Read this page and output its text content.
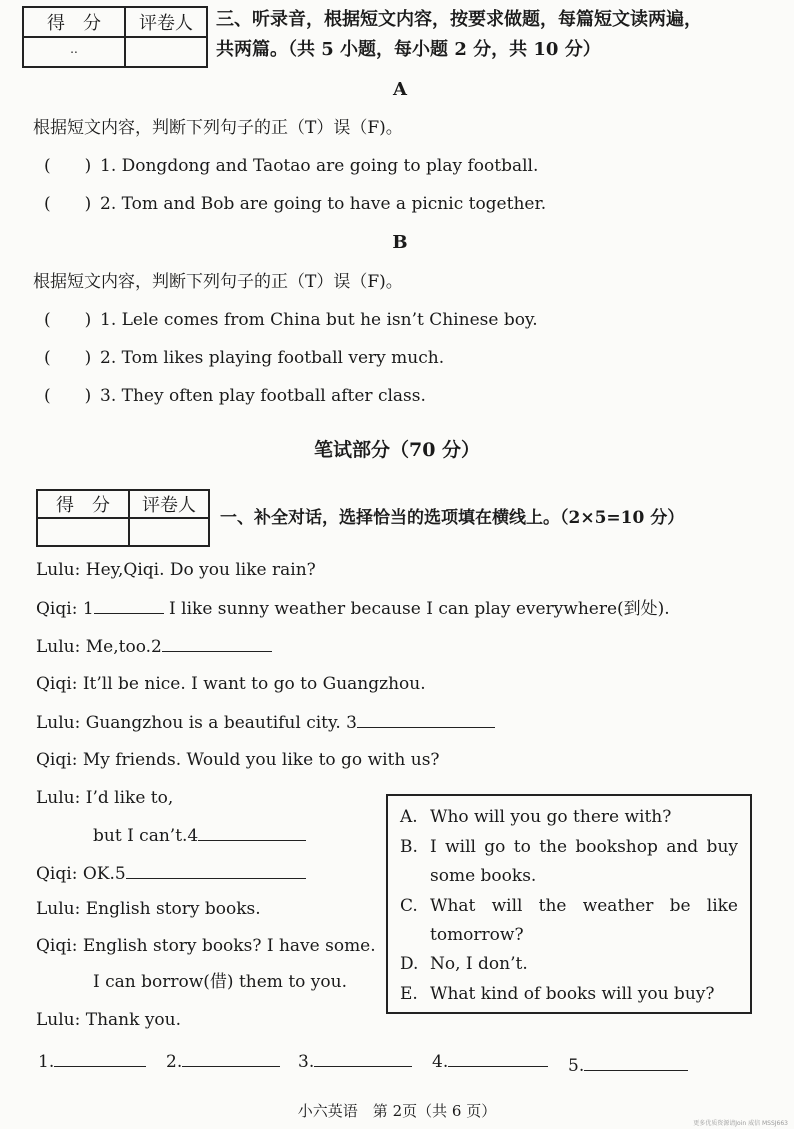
得　分	评卷人
..	
三、听录音，根据短文内容，按要求做题，每篇短文读两遍，
共两篇。（共 5 小题，每小题 2 分，共 10 分）
A
根据短文内容，判断下列句子的正（T）误（F)。
(　　) 1. Dongdong and Taotao are going to play football.
(　　) 2. Tom and Bob are going to have a picnic together.
B
根据短文内容，判断下列句子的正（T）误（F)。
(　　) 1. Lele comes from China but he isn’t Chinese boy.
(　　) 2. Tom likes playing football very much.
(　　) 3. They often play football after class.
笔试部分（70 分）
得　分	评卷人

一、补全对话，选择恰当的选项填在横线上。（2×5=10 分）
Lulu: Hey,Qiqi. Do you like rain?
Qiqi: 1	I like sunny weather because I can play everywhere(到处).
Lulu: Me,too.2
Qiqi: It’ll be nice. I want to go to Guangzhou.
Lulu: Guangzhou is a beautiful city. 3
Qiqi: My friends. Would you like to go with us?
Lulu: I’d like to,
but I can’t.4
Qiqi: OK.5
Lulu: English story books.
Qiqi: English story books? I have some.
I can borrow(借) them to you.
Lulu: Thank you.
A. Who will you go there with?
B. I will go to the bookshop and buy
some books.
C. What will the weather be like
tomorrow?
D. No, I don’t.
E. What kind of books will you buy?
1.	2.	3.	4.	5.
小六英语　第 2页（共 6 页）
更多优质资源请Join 威信 MSSJ663
